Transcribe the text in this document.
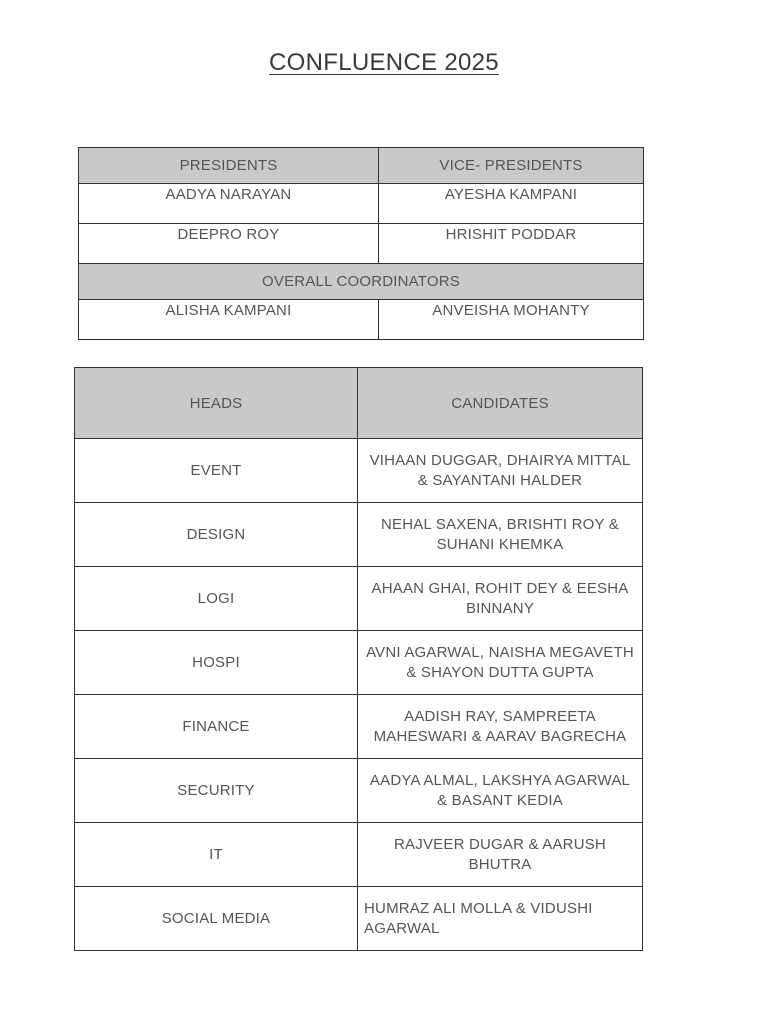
CONFLUENCE 2025
PRESIDENTS	VICE- PRESIDENTS
AADYA NARAYAN	AYESHA KAMPANI
DEEPRO ROY	HRISHIT PODDAR
OVERALL COORDINATORS	
ALISHA KAMPANI	ANVEISHA MOHANTY
HEADS	CANDIDATES
EVENT	VIHAAN DUGGAR, DHAIRYA MITTAL & SAYANTANI HALDER
DESIGN	NEHAL SAXENA, BRISHTI ROY & SUHANI KHEMKA
LOGI	AHAAN GHAI, ROHIT DEY & EESHA BINNANY
HOSPI	AVNI AGARWAL, NAISHA MEGAVETH & SHAYON DUTTA GUPTA
FINANCE	AADISH RAY, SAMPREETA MAHESWARI & AARAV BAGRECHA
SECURITY	AADYA ALMAL, LAKSHYA AGARWAL & BASANT KEDIA
IT	RAJVEER DUGAR & AARUSH BHUTRA
SOCIAL MEDIA	HUMRAZ ALI MOLLA & VIDUSHI AGARWAL
